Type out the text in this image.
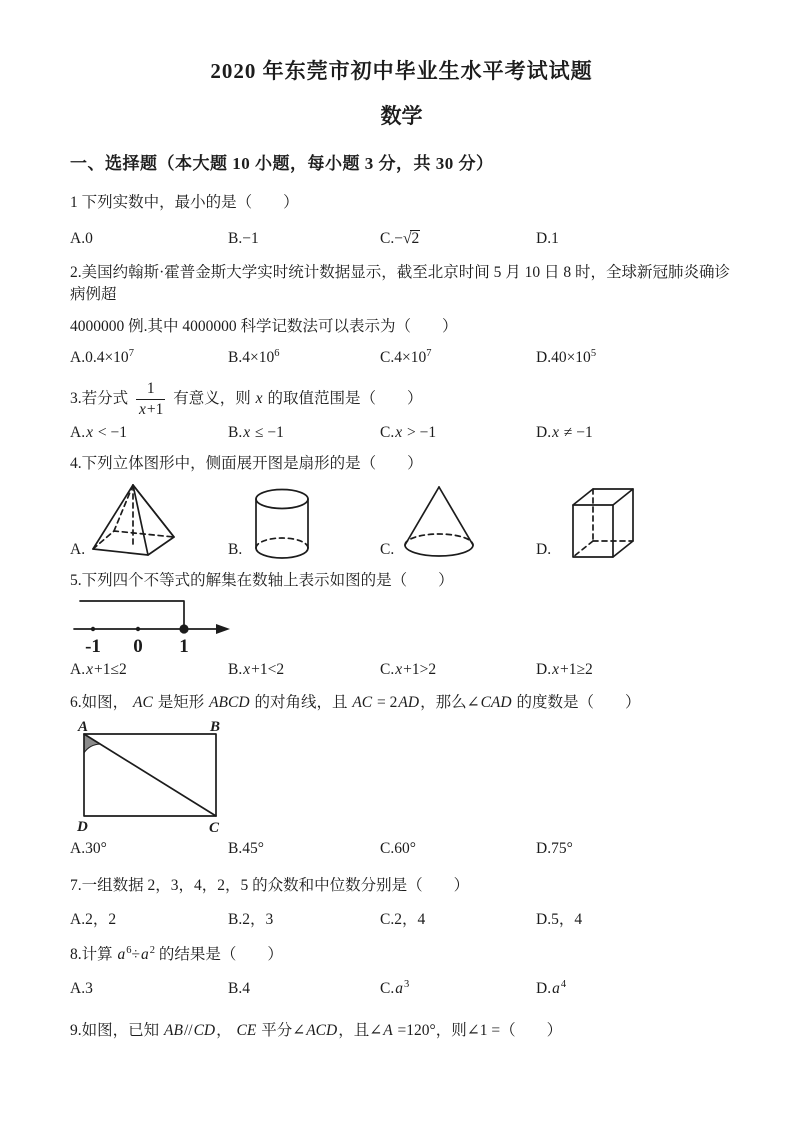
2020 年东莞市初中毕业生水平考试试题
数学
一、选择题（本大题 10 小题，每小题 3 分，共 30 分）
1 下列实数中，最小的是（　　）
A.0	B.−1	C.−√2	D.1
2.美国约翰斯·霍普金斯大学实时统计数据显示，截至北京时间 5 月 10 日 8 时，全球新冠肺炎确诊病例超
4000000 例.其中 4000000 科学记数法可以表示为（　　）
$A.0.4\times 10^7$	$B.4\times 10^6$	$C.4\times 10^7$	$D.40\times 10^5$
3.若分式 $\frac{1}{x+1}$ 有意义，则 x 的取值范围是（　　）
A.x < −1	B.x ≤ −1	C.x > −1	D.x ≠ −1
4.下列立体图形中，侧面展开图是扇形的是（　　）
A.	B.	C.	D.
5.下列四个不等式的解集在数轴上表示如图的是（　　）
-1 0 1
A.x+1≤2	B.x+1<2	C.x+1>2	D.x+1≥2
6.如图， AC 是矩形 ABCD 的对角线，且 AC = 2AD，那么∠CAD 的度数是（　　）
A	B
D	C
A.30°	B.45°	C.60°	D.75°
7.一组数据 2，3，4，2，5 的众数和中位数分别是（　　）
A.2，2	B.2，3	C.2，4	D.5，4
8.计算 $a^6\div a^2$ 的结果是（　　）
A.3	B.4	$C.a^3$	$D.a^4$
9.如图，已知 AB//CD， CE 平分∠ACD，且∠A =120°，则∠1 =（　　）
